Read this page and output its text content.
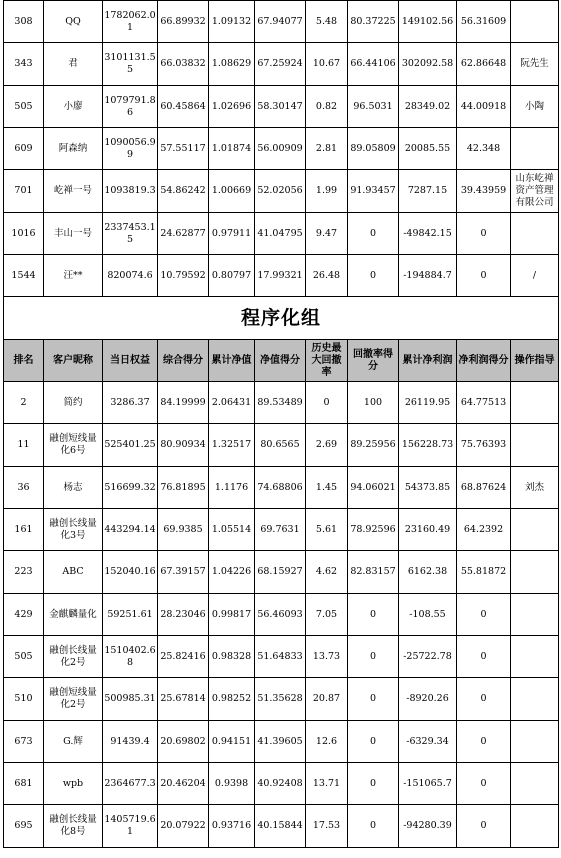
308	QQ	1782062.01	66.89932	1.09132	67.94077	5.48	80.37225	149102.56	56.31609	
343	君	3101131.55	66.03832	1.08629	67.25924	10.67	66.44106	302092.58	62.86648	阮先生
505	小廖	1079791.86	60.45864	1.02696	58.30147	0.82	96.5031	28349.02	44.00918	小陶
609	阿森纳	1090056.99	57.55117	1.01874	56.00909	2.81	89.05809	20085.55	42.348	
701	屹禅一号	1093819.3	54.86242	1.00669	52.02056	1.99	91.93457	7287.15	39.43959	山东屹禅资产管理有限公司
1016	丰山一号	2337453.15	24.62877	0.97911	41.04795	9.47	0	-49842.15	0	
1544	汪**	820074.6	10.79592	0.80797	17.99321	26.48	0	-194884.7	0	/
程序化组										
排名	客户昵称	当日权益	综合得分	累计净值	净值得分	历史最大回撤率	回撤率得分	累计净利润	净利润得分	操作指导
2	简约	3286.37	84.19999	2.06431	89.53489	0	100	26119.95	64.77513	
11	融创短线量化6号	525401.25	80.90934	1.32517	80.6565	2.69	89.25956	156228.73	75.76393	
36	杨志	516699.32	76.81895	1.1176	74.68806	1.45	94.06021	54373.85	68.87624	刘杰
161	融创长线量化3号	443294.14	69.9385	1.05514	69.7631	5.61	78.92596	23160.49	64.2392	
223	ABC	152040.16	67.39157	1.04226	68.15927	4.62	82.83157	6162.38	55.81872	
429	金麒麟量化	59251.61	28.23046	0.99817	56.46093	7.05	0	-108.55	0	
505	融创长线量化2号	1510402.68	25.82416	0.98328	51.64833	13.73	0	-25722.78	0	
510	融创短线量化2号	500985.31	25.67814	0.98252	51.35628	20.87	0	-8920.26	0	
673	G.辉	91439.4	20.69802	0.94151	41.39605	12.6	0	-6329.34	0	
681	wpb	2364677.3	20.46204	0.9398	40.92408	13.71	0	-151065.7	0	
695	融创长线量化8号	1405719.61	20.07922	0.93716	40.15844	17.53	0	-94280.39	0	
